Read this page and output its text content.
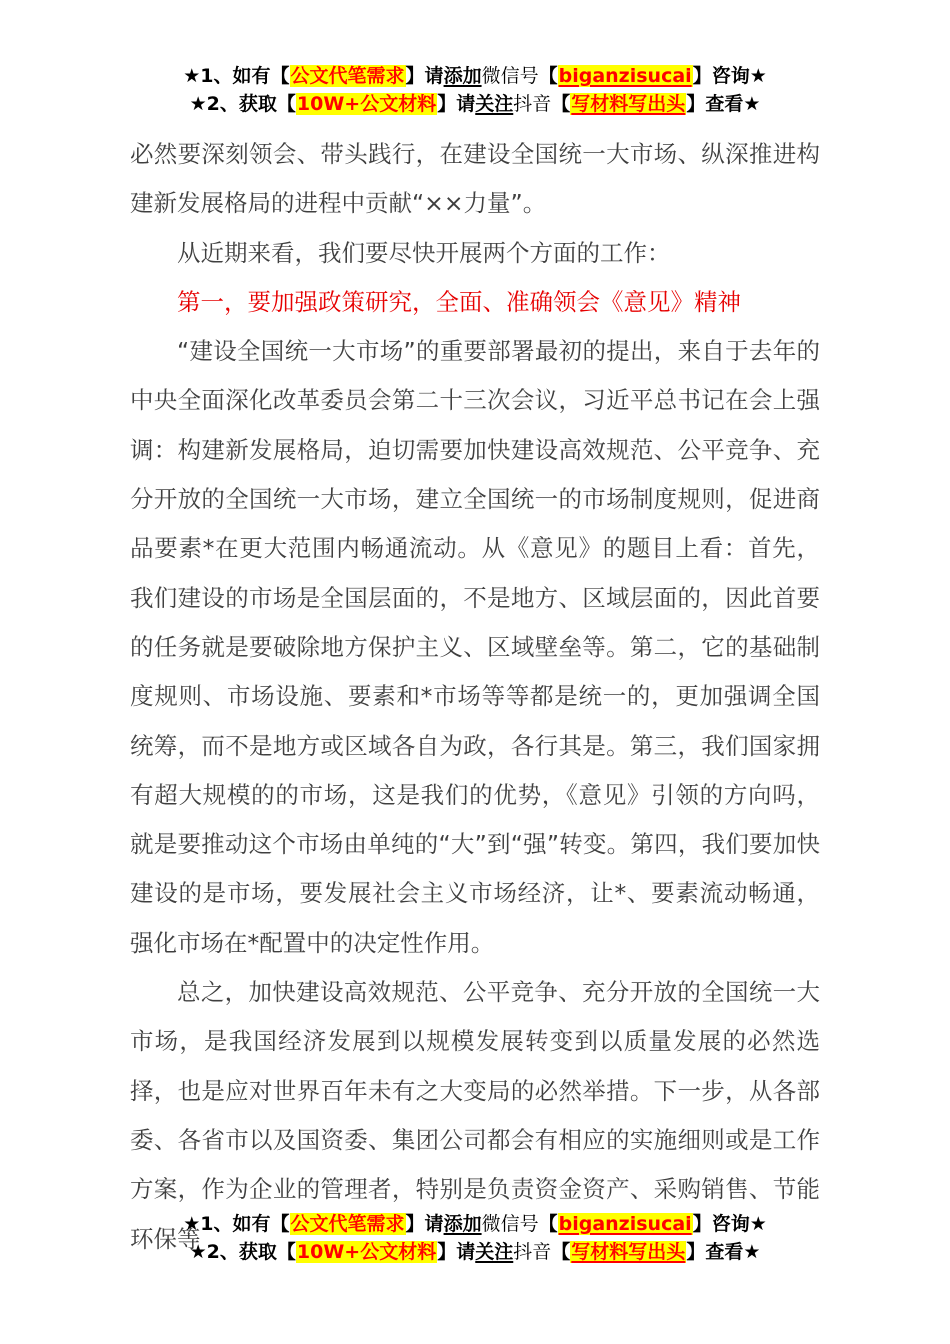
★1、如有【公文代笔需求】请添加微信号【biganzisucai】咨询★
★2、获取【10W+公文材料】请关注抖音【写材料写出头】查看★

必然要深刻领会、带头践行，在建设全国统一大市场、纵深推进构建新发展格局的进程中贡献“××力量”。

从近期来看，我们要尽快开展两个方面的工作：

第一，要加强政策研究，全面、准确领会《意见》精神

“建设全国统一大市场”的重要部署最初的提出，来自于去年的中央全面深化改革委员会第二十三次会议，习近平总书记在会上强调：构建新发展格局，迫切需要加快建设高效规范、公平竞争、充分开放的全国统一大市场，建立全国统一的市场制度规则，促进商品要素*在更大范围内畅通流动。从《意见》的题目上看：首先，我们建设的市场是全国层面的，不是地方、区域层面的，因此首要的任务就是要破除地方保护主义、区域壁垒等。第二，它的基础制度规则、市场设施、要素和*市场等等都是统一的，更加强调全国统筹，而不是地方或区域各自为政，各行其是。第三，我们国家拥有超大规模的的市场，这是我们的优势，《意见》引领的方向吗，就是要推动这个市场由单纯的“大”到“强”转变。第四，我们要加快建设的是市场，要发展社会主义市场经济，让*、要素流动畅通，强化市场在*配置中的决定性作用。

总之，加快建设高效规范、公平竞争、充分开放的全国统一大市场，是我国经济发展到以规模发展转变到以质量发展的必然选择，也是应对世界百年未有之大变局的必然举措。下一步，从各部委、各省市以及国资委、集团公司都会有相应的实施细则或是工作方案，作为企业的管理者，特别是负责资金资产、采购销售、节能环保等

★1、如有【公文代笔需求】请添加微信号【biganzisucai】咨询★
★2、获取【10W+公文材料】请关注抖音【写材料写出头】查看★
